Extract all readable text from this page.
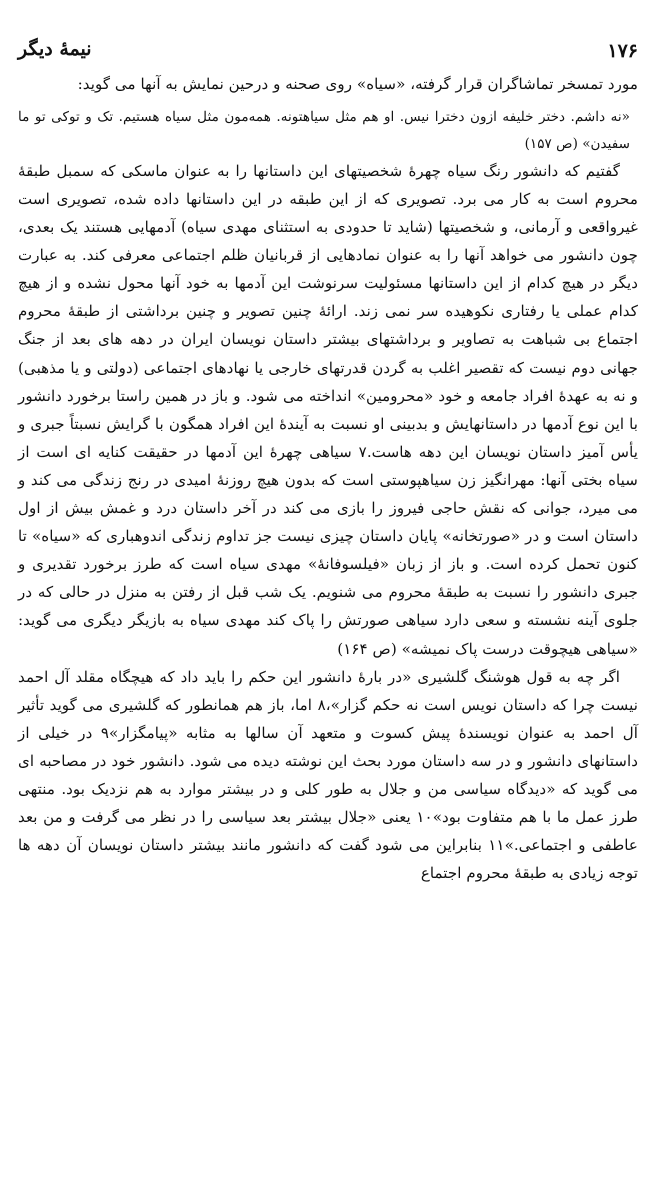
۱۷۶
نیمهٔ دیگر

مورد تمسخر تماشاگران قرار گرفته، «سیاه» روی صحنه و درحین نمایش به آنها می گوید:

«نه داشم. دختر خلیفه ازون دخترا نیس. او هم مثل سیاهتونه. همه‌مون مثل سیاه هستیم. تک و توکی تو ما سفیدن» (ص ۱۵۷)

گفتیم که دانشور رنگ سیاه چهرهٔ شخصیتهای این داستانها را به عنوان ماسکی که سمبل طبقهٔ محروم است به کار می برد. تصویری که از این طبقه در این داستانها داده شده، تصویری است غیرواقعی و آرمانی، و شخصیتها (شاید تا حدودی به استثنای مهدی سیاه) آدمهایی هستند یک بعدی، چون دانشور می خواهد آنها را به عنوان نمادهایی از قربانیان ظلم اجتماعی معرفی کند. به عبارت دیگر در هیچ کدام از این داستانها مسئولیت سرنوشت این آدمها به خود آنها محول نشده و از هیچ کدام عملی یا رفتاری نکوهیده سر نمی زند. ارائهٔ چنین تصویر و چنین برداشتی از طبقهٔ محروم اجتماع بی شباهت به تصاویر و برداشتهای بیشتر داستان نویسان ایران در دهه های بعد از جنگ جهانی دوم نیست که تقصیر اغلب به گردن قدرتهای خارجی یا نهادهای اجتماعی (دولتی و یا مذهبی) و نه به عهدهٔ افراد جامعه و خود «محرومین» انداخته می شود. و باز در همین راستا برخورد دانشور با این نوع آدمها در داستانهایش و بدبینی او نسبت به آیندهٔ این افراد همگون با گرایش نسبتاً جبری و یأس آمیز داستان نویسان این دهه هاست.۷ سیاهی چهرهٔ این آدمها در حقیقت کنایه ای است از سیاه بختی آنها: مهرانگیز زن سیاهپوستی است که بدون هیچ روزنهٔ امیدی در رنج زندگی می کند و می میرد، جوانی که نقش حاجی فیروز را بازی می کند در آخر داستان درد و غمش بیش از اول داستان است و در «صورتخانه» پایان داستان چیزی نیست جز تداوم زندگی اندوهباری که «سیاه» تا کنون تحمل کرده است. و باز از زبان «فیلسوفانهٔ» مهدی سیاه است که طرز برخورد تقدیری و جبری دانشور را نسبت به طبقهٔ محروم می شنویم. یک شب قبل از رفتن به منزل در حالی که در جلوی آینه نشسته و سعی دارد سیاهی صورتش را پاک کند مهدی سیاه به بازیگر دیگری می گوید: «سیاهی هیچوقت درست پاک نمیشه» (ص ۱۶۴)

اگر چه به قول هوشنگ گلشیری «در بارهٔ دانشور این حکم را باید داد که هیچگاه مقلد آل احمد نیست چرا که داستان نویس است نه حکم گزار»،۸ اما، باز هم همانطور که گلشیری می گوید تأثیر آل احمد به عنوان نویسندهٔ پیش کسوت و متعهد آن سالها به مثابه «پیامگزار»۹ در خیلی از داستانهای دانشور و در سه داستان مورد بحث این نوشته دیده می شود. دانشور خود در مصاحبه ای می گوید که «دیدگاه سیاسی من و جلال به طور کلی و در بیشتر موارد به هم نزدیک بود. منتهی طرز عمل ما با هم متفاوت بود»۱۰ یعنی «جلال بیشتر بعد سیاسی را در نظر می گرفت و من بعد عاطفی و اجتماعی.»۱۱ بنابراین می شود گفت که دانشور مانند بیشتر داستان نویسان آن دهه ها توجه زیادی به طبقهٔ محروم اجتماع
